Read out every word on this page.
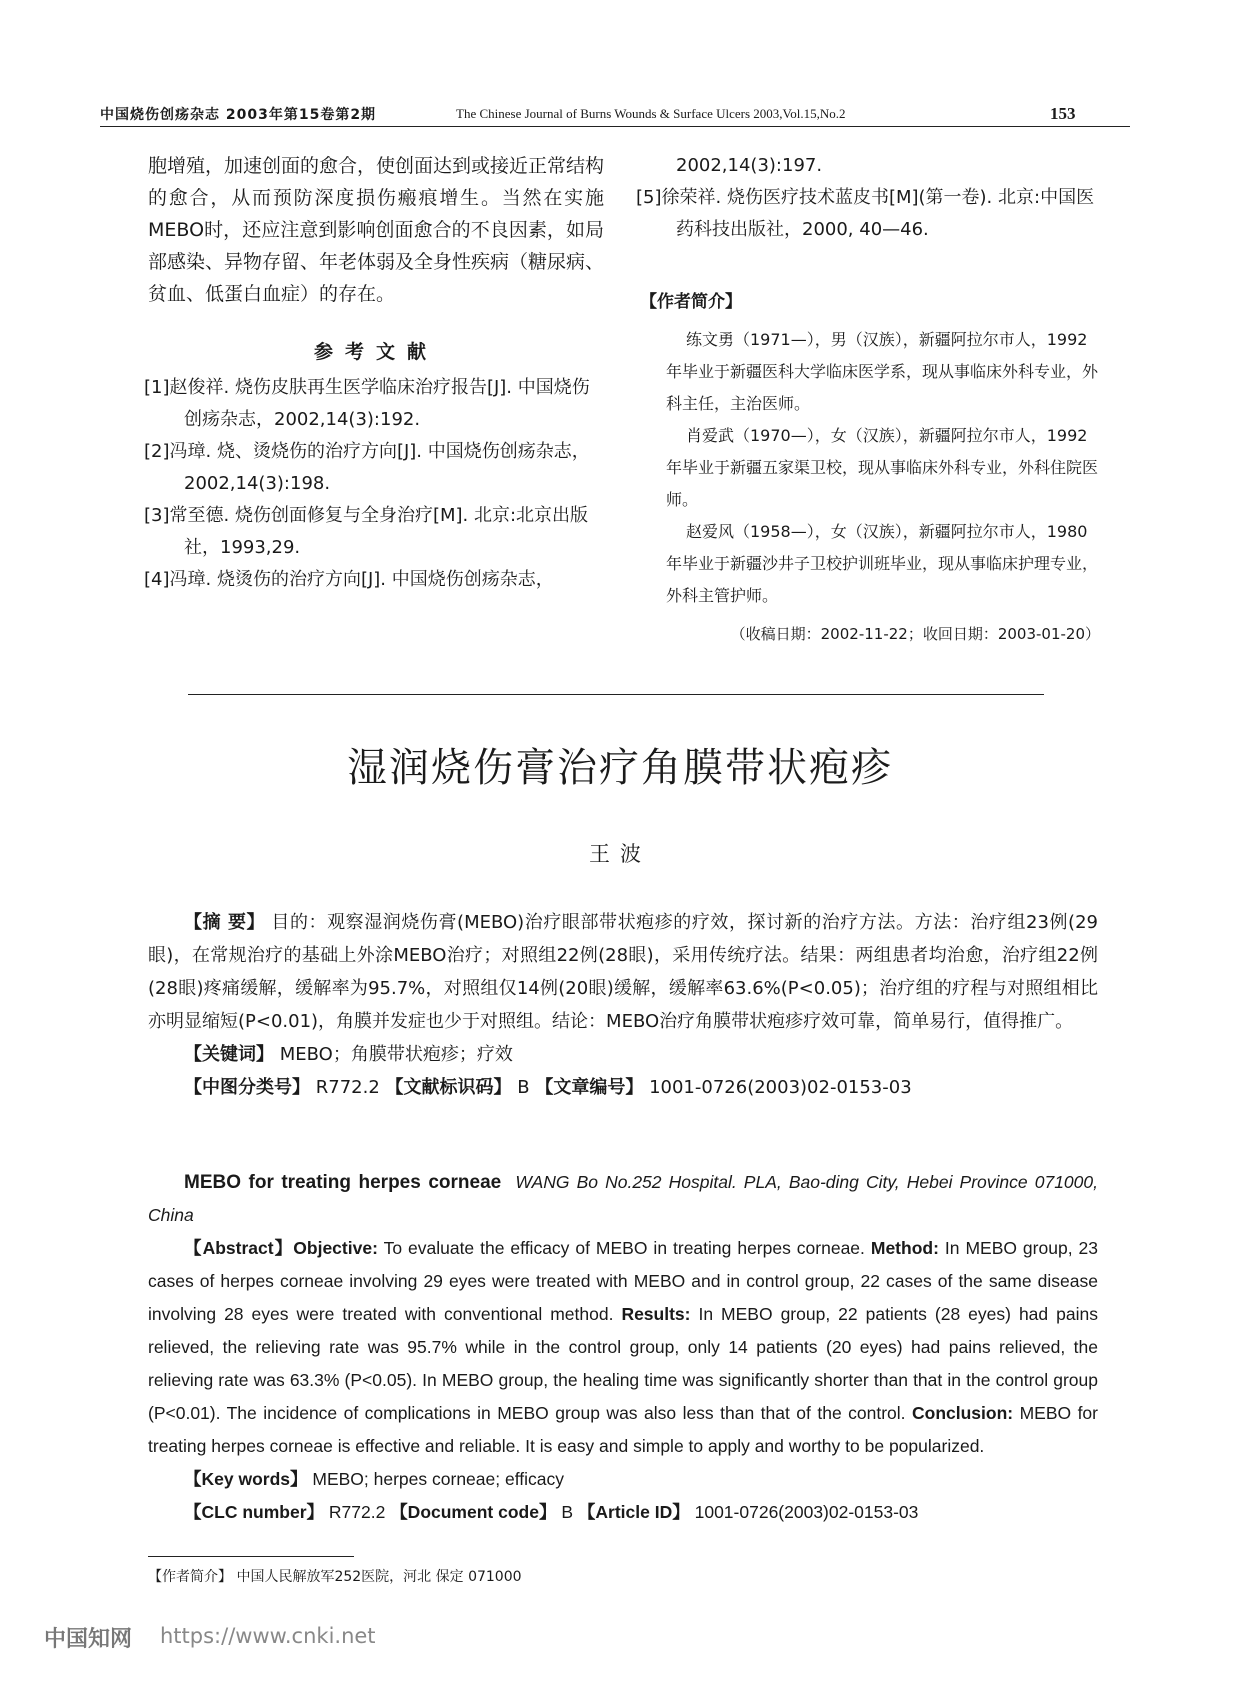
中国烧伤创疡杂志 2003年第15卷第2期	The Chinese Journal of Burns Wounds & Surface Ulcers 2003,Vol.15,No.2	153

胞增殖，加速创面的愈合，使创面达到或接近正常结构的愈合，从而预防深度损伤瘢痕增生。当然在实施MEBO时，还应注意到影响创面愈合的不良因素，如局部感染、异物存留、年老体弱及全身性疾病（糖尿病、贫血、低蛋白血症）的存在。

参考文献

[1]赵俊祥. 烧伤皮肤再生医学临床治疗报告[J]. 中国烧伤创疡杂志，2002,14(3):192.

[2]冯璋. 烧、烫烧伤的治疗方向[J]. 中国烧伤创疡杂志，2002,14(3):198.

[3]常至德. 烧伤创面修复与全身治疗[M]. 北京:北京出版社，1993,29.

[4]冯璋. 烧烫伤的治疗方向[J]. 中国烧伤创疡杂志，

2002,14(3):197.

[5]徐荣祥. 烧伤医疗技术蓝皮书[M](第一卷). 北京:中国医药科技出版社，2000, 40—46.

【作者简介】

练文勇（1971—），男（汉族），新疆阿拉尔市人，1992年毕业于新疆医科大学临床医学系，现从事临床外科专业，外科主任，主治医师。

肖爱武（1970—），女（汉族），新疆阿拉尔市人，1992年毕业于新疆五家渠卫校，现从事临床外科专业，外科住院医师。

赵爱风（1958—），女（汉族），新疆阿拉尔市人，1980年毕业于新疆沙井子卫校护训班毕业，现从事临床护理专业，外科主管护师。

（收稿日期：2002-11-22；收回日期：2003-01-20）

湿润烧伤膏治疗角膜带状疱疹
王波

【摘 要】 目的：观察湿润烧伤膏(MEBO)治疗眼部带状疱疹的疗效，探讨新的治疗方法。方法：治疗组23例(29眼)，在常规治疗的基础上外涂MEBO治疗；对照组22例(28眼)，采用传统疗法。结果：两组患者均治愈，治疗组22例(28眼)疼痛缓解，缓解率为95.7%，对照组仅14例(20眼)缓解，缓解率63.6%(P<0.05)；治疗组的疗程与对照组相比亦明显缩短(P<0.01)，角膜并发症也少于对照组。结论：MEBO治疗角膜带状疱疹疗效可靠，简单易行，值得推广。

【关键词】 MEBO；角膜带状疱疹；疗效

【中图分类号】 R772.2 【文献标识码】 B 【文章编号】 1001-0726(2003)02-0153-03

MEBO for treating herpes corneae WANG Bo No.252 Hospital. PLA, Bao-ding City, Hebei Province 071000, China

【Abstract】Objective: To evaluate the efficacy of MEBO in treating herpes corneae. Method: In MEBO group, 23 cases of herpes corneae involving 29 eyes were treated with MEBO and in control group, 22 cases of the same disease involving 28 eyes were treated with conventional method. Results: In MEBO group, 22 patients (28 eyes) had pains relieved, the relieving rate was 95.7% while in the control group, only 14 patients (20 eyes) had pains relieved, the relieving rate was 63.3% (P<0.05). In MEBO group, the healing time was significantly shorter than that in the control group (P<0.01). The incidence of complications in MEBO group was also less than that of the control. Conclusion: MEBO for treating herpes corneae is effective and reliable. It is easy and simple to apply and worthy to be popularized.

【Key words】 MEBO; herpes corneae; efficacy

【CLC number】 R772.2 【Document code】 B 【Article ID】 1001-0726(2003)02-0153-03

【作者简介】 中国人民解放军252医院，河北 保定 071000
中国知网 https://www.cnki.net
